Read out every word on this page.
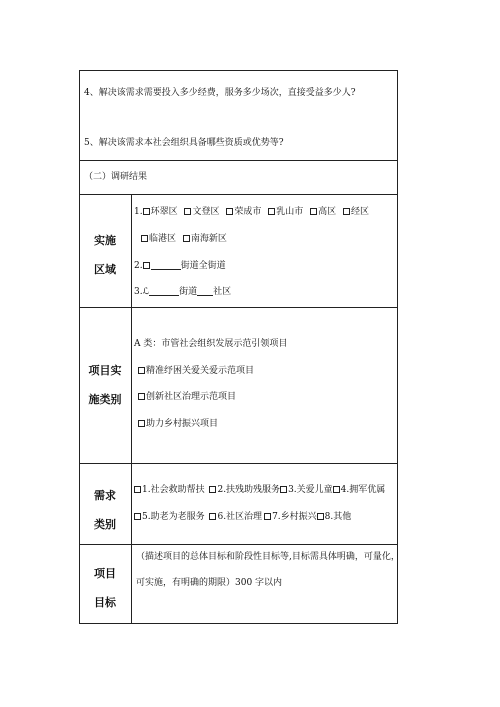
4、解决该需求需要投入多少经费，服务多少场次，直接受益多少人?
5、解决该需求本社会组织具备哪些资质或优势等?
（二）调研结果
实施
区域
1. 环翠区 文登区 荣成市 乳山市 高区 经区
临港区 南海新区
2.	街道全街道
3.ℒ	街道 社区
项目实
施类别
A 类：市管社会组织发展示范引领项目
精准纾困关爱关爱示范项目
创新社区治理示范项目
助力乡村振兴项目
需求
类别
1.社会救助帮扶 2.扶残助残服务 3.关爱儿童 4.拥军优属
5.助老为老服务 6.社区治理 7.乡村振兴 8.其他
项目
目标
（描述项目的总体目标和阶段性目标等,目标需具体明确，可量化，
可实施，有明确的期限）300 字以内
